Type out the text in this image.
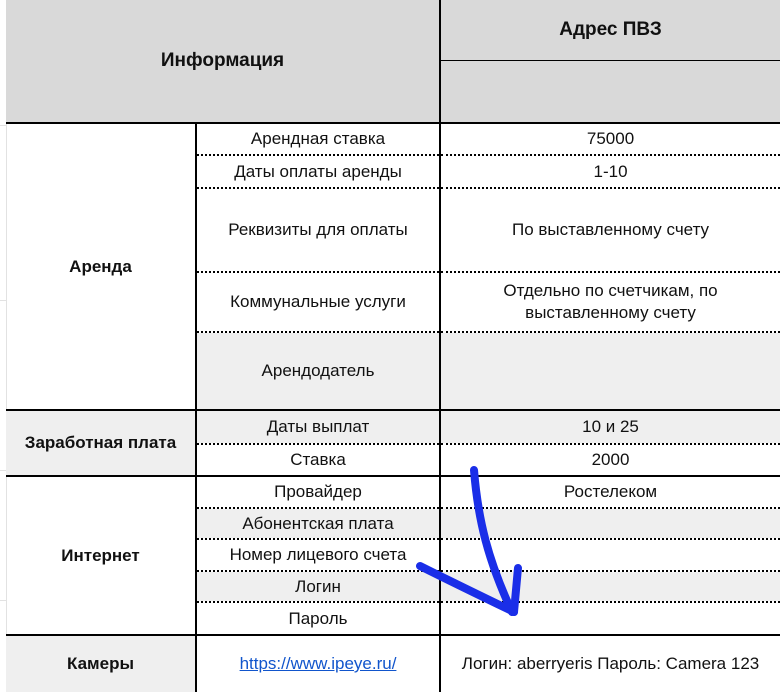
Информация		Адрес ПВЗ

Аренда	Арендная ставка	75000
	Даты оплаты аренды	1-10
	Реквизиты для оплаты	По выставленному счету
	Коммунальные услуги	Отдельно по счетчикам, по выставленному счету
	Арендодатель	
Заработная плата	Даты выплат	10 и 25
	Ставка	2000
Интернет	Провайдер	Ростелеком
	Абонентская плата	
	Номер лицевого счета	
	Логин	
	Пароль	
Камеры	https://www.ipeye.ru/	Логин: aberryeris Пароль: Camera 123
